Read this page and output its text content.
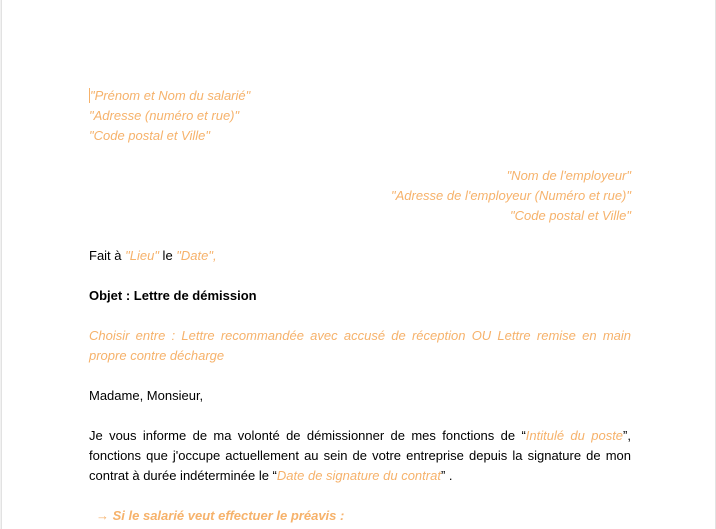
"Prénom et Nom du salarié"

"Adresse (numéro et rue)"

"Code postal et Ville"

"Nom de l'employeur"

"Adresse de l'employeur (Numéro et rue)"

"Code postal et Ville"

Fait à "Lieu" le "Date",

Objet : Lettre de démission

Choisir entre : Lettre recommandée avec accusé de réception OU Lettre remise en main propre contre décharge

Madame, Monsieur,

Je vous informe de ma volonté de démissionner de mes fonctions de “Intitulé du poste”, fonctions que j'occupe actuellement au sein de votre entreprise depuis la signature de mon contrat à durée indéterminée le “Date de signature du contrat” .

→ Si le salarié veut effectuer le préavis :
